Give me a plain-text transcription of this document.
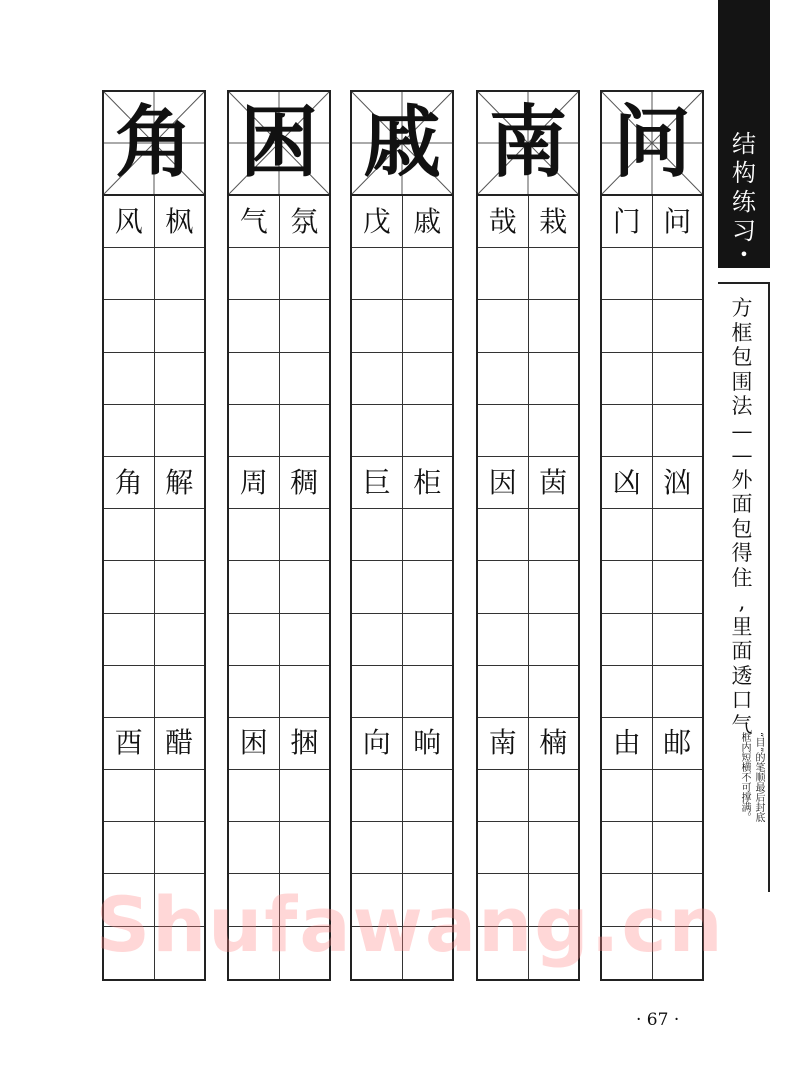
角
风 枫
角 解
酉 醋
困
气 氛
周 稠
困 捆
戚
戊 戚
巨 柜
向 晌
南
哉 栽
因 茵
南 楠
问
门 问
凶 汹
由 邮
结
构
练
习
•
方
框
包
围
法
—
—
外
面
包
得
住
,
里
面
透
口
气
“目”的笔顺最后封底
框内短横不可撑满。
Shufawang.cn
· 67 ·
